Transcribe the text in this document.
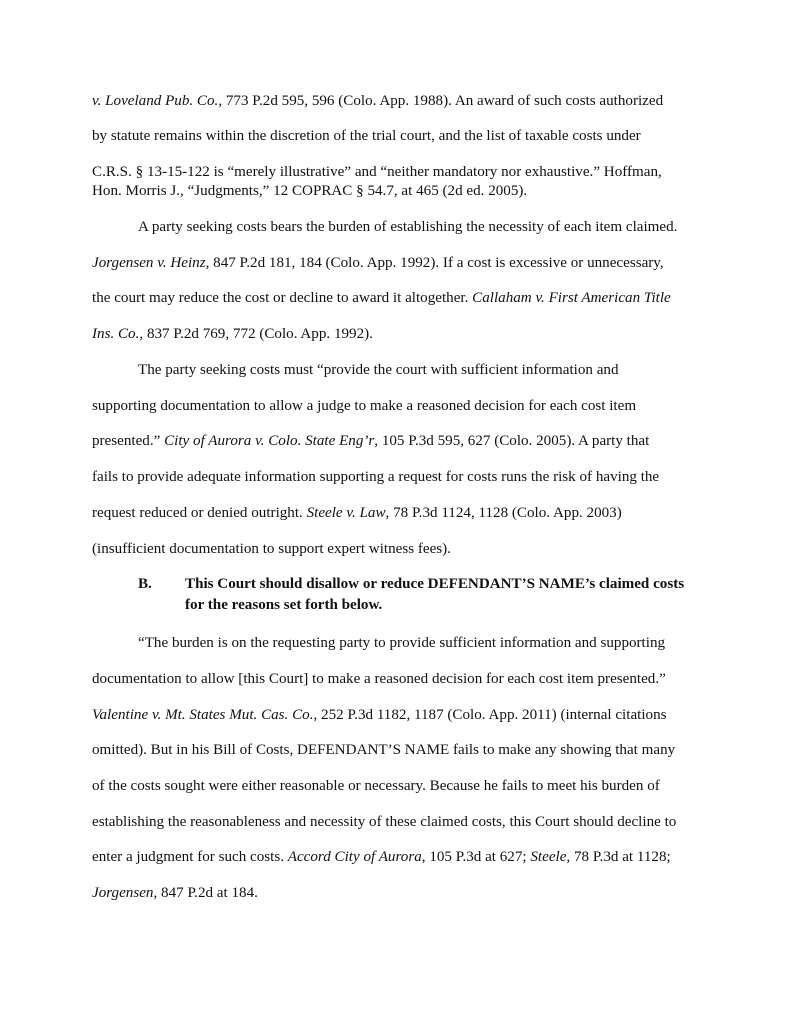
v. Loveland Pub. Co., 773 P.2d 595, 596 (Colo. App. 1988). An award of such costs authorized
by statute remains within the discretion of the trial court, and the list of taxable costs under
C.R.S. § 13-15-122 is “merely illustrative” and “neither mandatory nor exhaustive.” Hoffman,
Hon. Morris J., “Judgments,” 12 COPRAC § 54.7, at 465 (2d ed. 2005).
A party seeking costs bears the burden of establishing the necessity of each item claimed.
Jorgensen v. Heinz, 847 P.2d 181, 184 (Colo. App. 1992). If a cost is excessive or unnecessary,
the court may reduce the cost or decline to award it altogether. Callaham v. First American Title
Ins. Co., 837 P.2d 769, 772 (Colo. App. 1992).
The party seeking costs must “provide the court with sufficient information and
supporting documentation to allow a judge to make a reasoned decision for each cost item
presented.” City of Aurora v. Colo. State Eng’r, 105 P.3d 595, 627 (Colo. 2005). A party that
fails to provide adequate information supporting a request for costs runs the risk of having the
request reduced or denied outright. Steele v. Law, 78 P.3d 1124, 1128 (Colo. App. 2003)
(insufficient documentation to support expert witness fees).
B. This Court should disallow or reduce DEFENDANT’S NAME’s claimed costs
for the reasons set forth below.
“The burden is on the requesting party to provide sufficient information and supporting
documentation to allow [this Court] to make a reasoned decision for each cost item presented.”
Valentine v. Mt. States Mut. Cas. Co., 252 P.3d 1182, 1187 (Colo. App. 2011) (internal citations
omitted). But in his Bill of Costs, DEFENDANT’S NAME fails to make any showing that many
of the costs sought were either reasonable or necessary. Because he fails to meet his burden of
establishing the reasonableness and necessity of these claimed costs, this Court should decline to
enter a judgment for such costs. Accord City of Aurora, 105 P.3d at 627; Steele, 78 P.3d at 1128;
Jorgensen, 847 P.2d at 184.
